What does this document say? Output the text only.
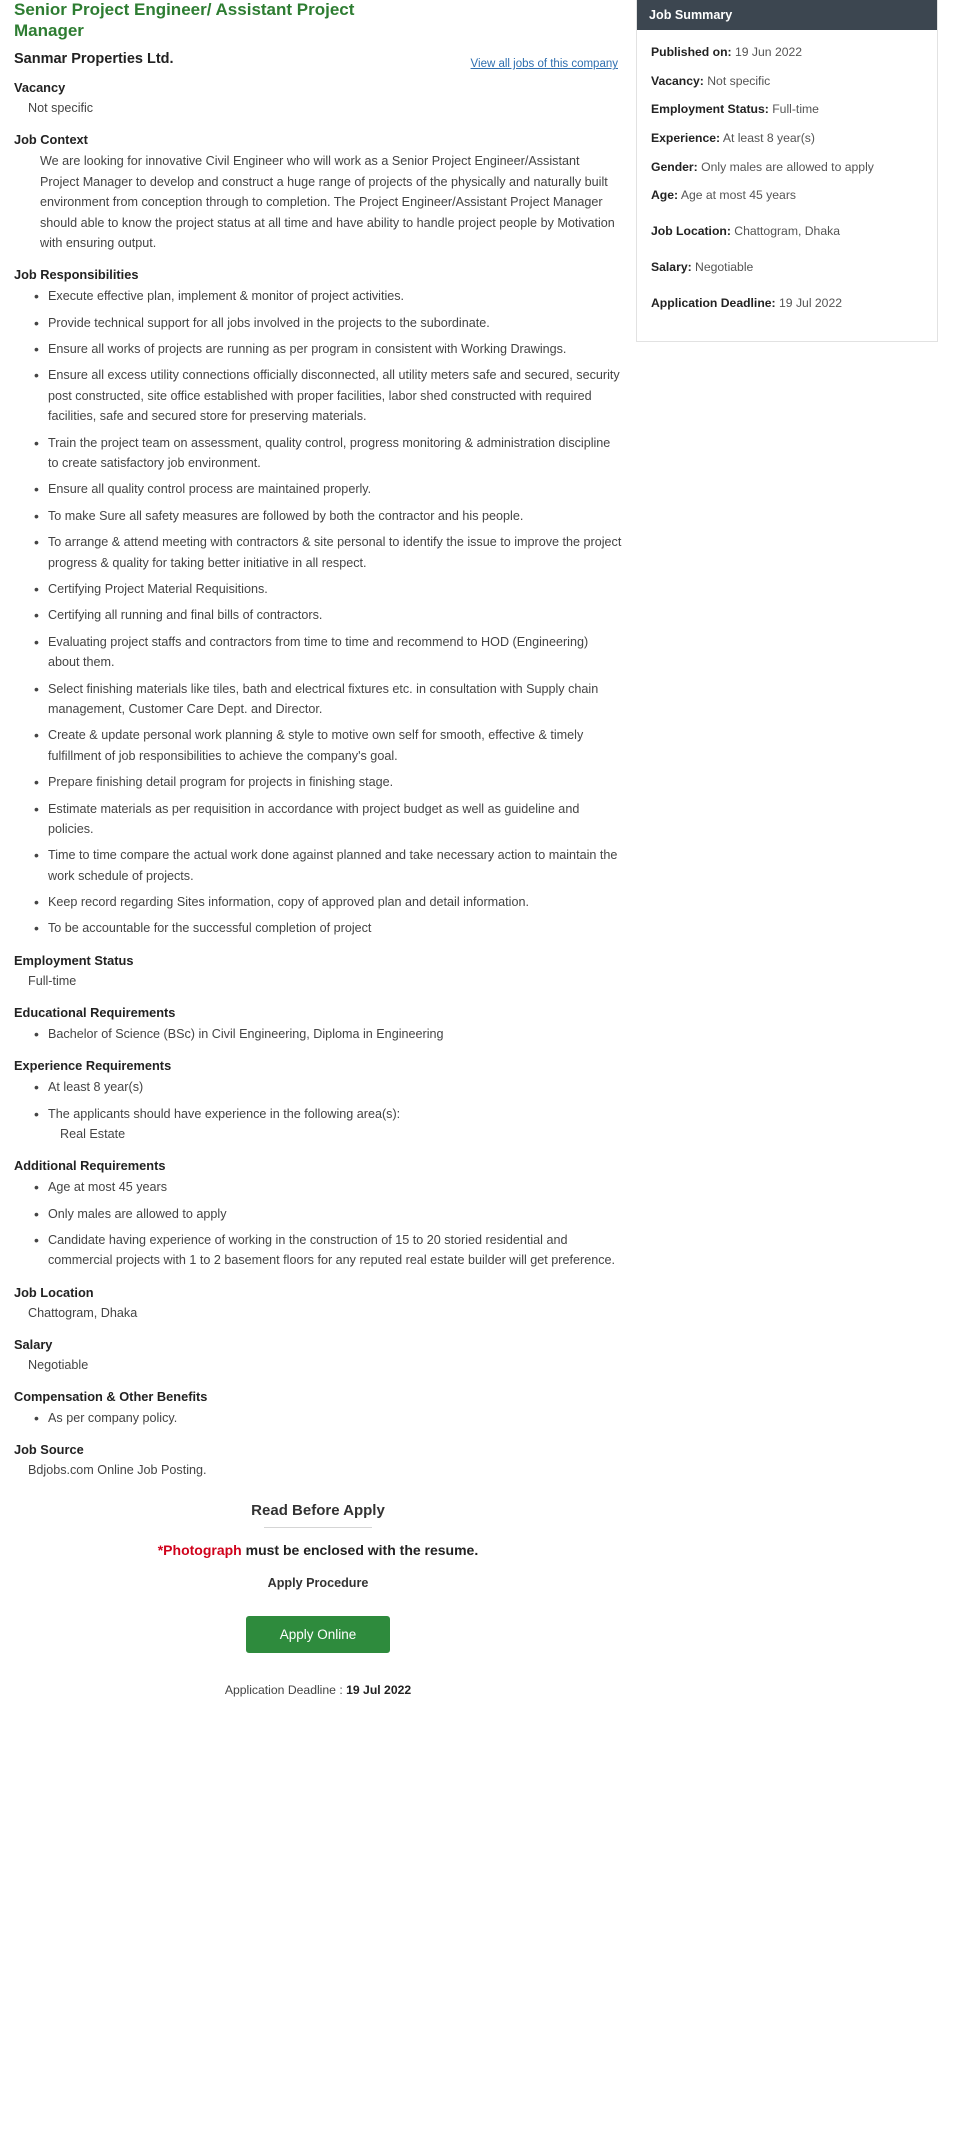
Senior Project Engineer/ Assistant Project Manager
Sanmar Properties Ltd.	View all jobs of this company
Vacancy
Not specific
Job Context
We are looking for innovative Civil Engineer who will work as a Senior Project Engineer/Assistant Project Manager to develop and construct a huge range of projects of the physically and naturally built environment from conception through to completion. The Project Engineer/Assistant Project Manager should able to know the project status at all time and have ability to handle project people by Motivation with ensuring output.
Job Responsibilities
• Execute effective plan, implement & monitor of project activities.
• Provide technical support for all jobs involved in the projects to the subordinate.
• Ensure all works of projects are running as per program in consistent with Working Drawings.
• Ensure all excess utility connections officially disconnected, all utility meters safe and secured, security post constructed, site office established with proper facilities, labor shed constructed with required facilities, safe and secured store for preserving materials.
• Train the project team on assessment, quality control, progress monitoring & administration discipline to create satisfactory job environment.
• Ensure all quality control process are maintained properly.
• To make Sure all safety measures are followed by both the contractor and his people.
• To arrange & attend meeting with contractors & site personal to identify the issue to improve the project progress & quality for taking better initiative in all respect.
• Certifying Project Material Requisitions.
• Certifying all running and final bills of contractors.
• Evaluating project staffs and contractors from time to time and recommend to HOD (Engineering) about them.
• Select finishing materials like tiles, bath and electrical fixtures etc. in consultation with Supply chain management, Customer Care Dept. and Director.
• Create & update personal work planning & style to motive own self for smooth, effective & timely fulfillment of job responsibilities to achieve the company's goal.
• Prepare finishing detail program for projects in finishing stage.
• Estimate materials as per requisition in accordance with project budget as well as guideline and policies.
• Time to time compare the actual work done against planned and take necessary action to maintain the work schedule of projects.
• Keep record regarding Sites information, copy of approved plan and detail information.
• To be accountable for the successful completion of project
Employment Status
Full-time
Educational Requirements
• Bachelor of Science (BSc) in Civil Engineering, Diploma in Engineering
Experience Requirements
• At least 8 year(s)
• The applicants should have experience in the following area(s):
Real Estate
Additional Requirements
• Age at most 45 years
• Only males are allowed to apply
• Candidate having experience of working in the construction of 15 to 20 storied residential and commercial projects with 1 to 2 basement floors for any reputed real estate builder will get preference.
Job Location
Chattogram, Dhaka
Salary
Negotiable
Compensation & Other Benefits
• As per company policy.
Job Source
Bdjobs.com Online Job Posting.
Read Before Apply
*Photograph must be enclosed with the resume.
Apply Procedure
Apply Online
Application Deadline : 19 Jul 2022
Job Summary
Published on: 19 Jun 2022
Vacancy: Not specific
Employment Status: Full-time
Experience: At least 8 year(s)
Gender: Only males are allowed to apply
Age: Age at most 45 years
Job Location: Chattogram, Dhaka
Salary: Negotiable
Application Deadline: 19 Jul 2022
